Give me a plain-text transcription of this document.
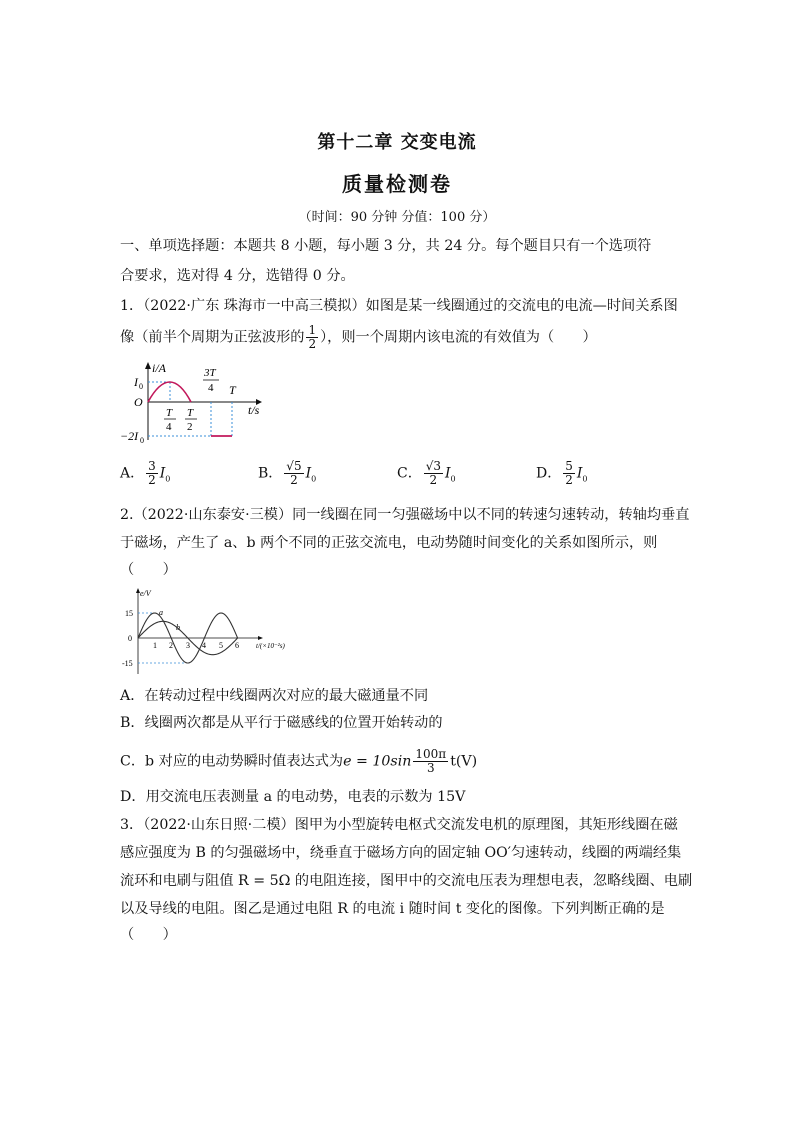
第十二章 交变电流
质量检测卷
（时间：90 分钟 分值：100 分）
一、单项选择题：本题共 8 小题，每小题 3 分，共 24 分。每个题目只有一个选项符
合要求，选对得 4 分，选错得 0 分。
1．（2022·广东 珠海市一中高三模拟）如图是某一线圈通过的交流电的电流—时间关系图
像（前半个周期为正弦波形的 $\frac{1}{2}$ ），则一个周期内该电流的有效值为（　　）
i/A
t/s
O
I 0
−2I 0
T
4
T
2
3T
4 T
A． $\frac{3}{2} I_0$	B． $\frac{√5}{2} I_0$	C． $\frac{√3}{2} I_0$	D． $\frac{5}{2} I_0$
2.（2022·山东泰安·三模）同一线圈在同一匀强磁场中以不同的转速匀速转动，转轴均垂直
于磁场，产生了 a、b 两个不同的正弦交流电，电动势随时间变化的关系如图所示，则
（　　）
e/V
t/(×10⁻²s)
15
0
-15
1 2 3 4 5 6
a
b
A．在转动过程中线圈两次对应的最大磁通量不同
B．线圈两次都是从平行于磁感线的位置开始转动的
C．b 对应的电动势瞬时值表达式为$e = 10\sin \frac{100\pi}{3} t(V)$
D．用交流电压表测量 a 的电动势，电表的示数为 15V
3．（2022·山东日照·二模）图甲为小型旋转电枢式交流发电机的原理图，其矩形线圈在磁
感应强度为 B 的匀强磁场中，绕垂直于磁场方向的固定轴 OO′匀速转动，线圈的两端经集
流环和电刷与阻值 R = 5Ω 的电阻连接，图甲中的交流电压表为理想电表，忽略线圈、电刷
以及导线的电阻。图乙是通过电阻 R 的电流 i 随时间 t 变化的图像。下列判断正确的是
（　　）
